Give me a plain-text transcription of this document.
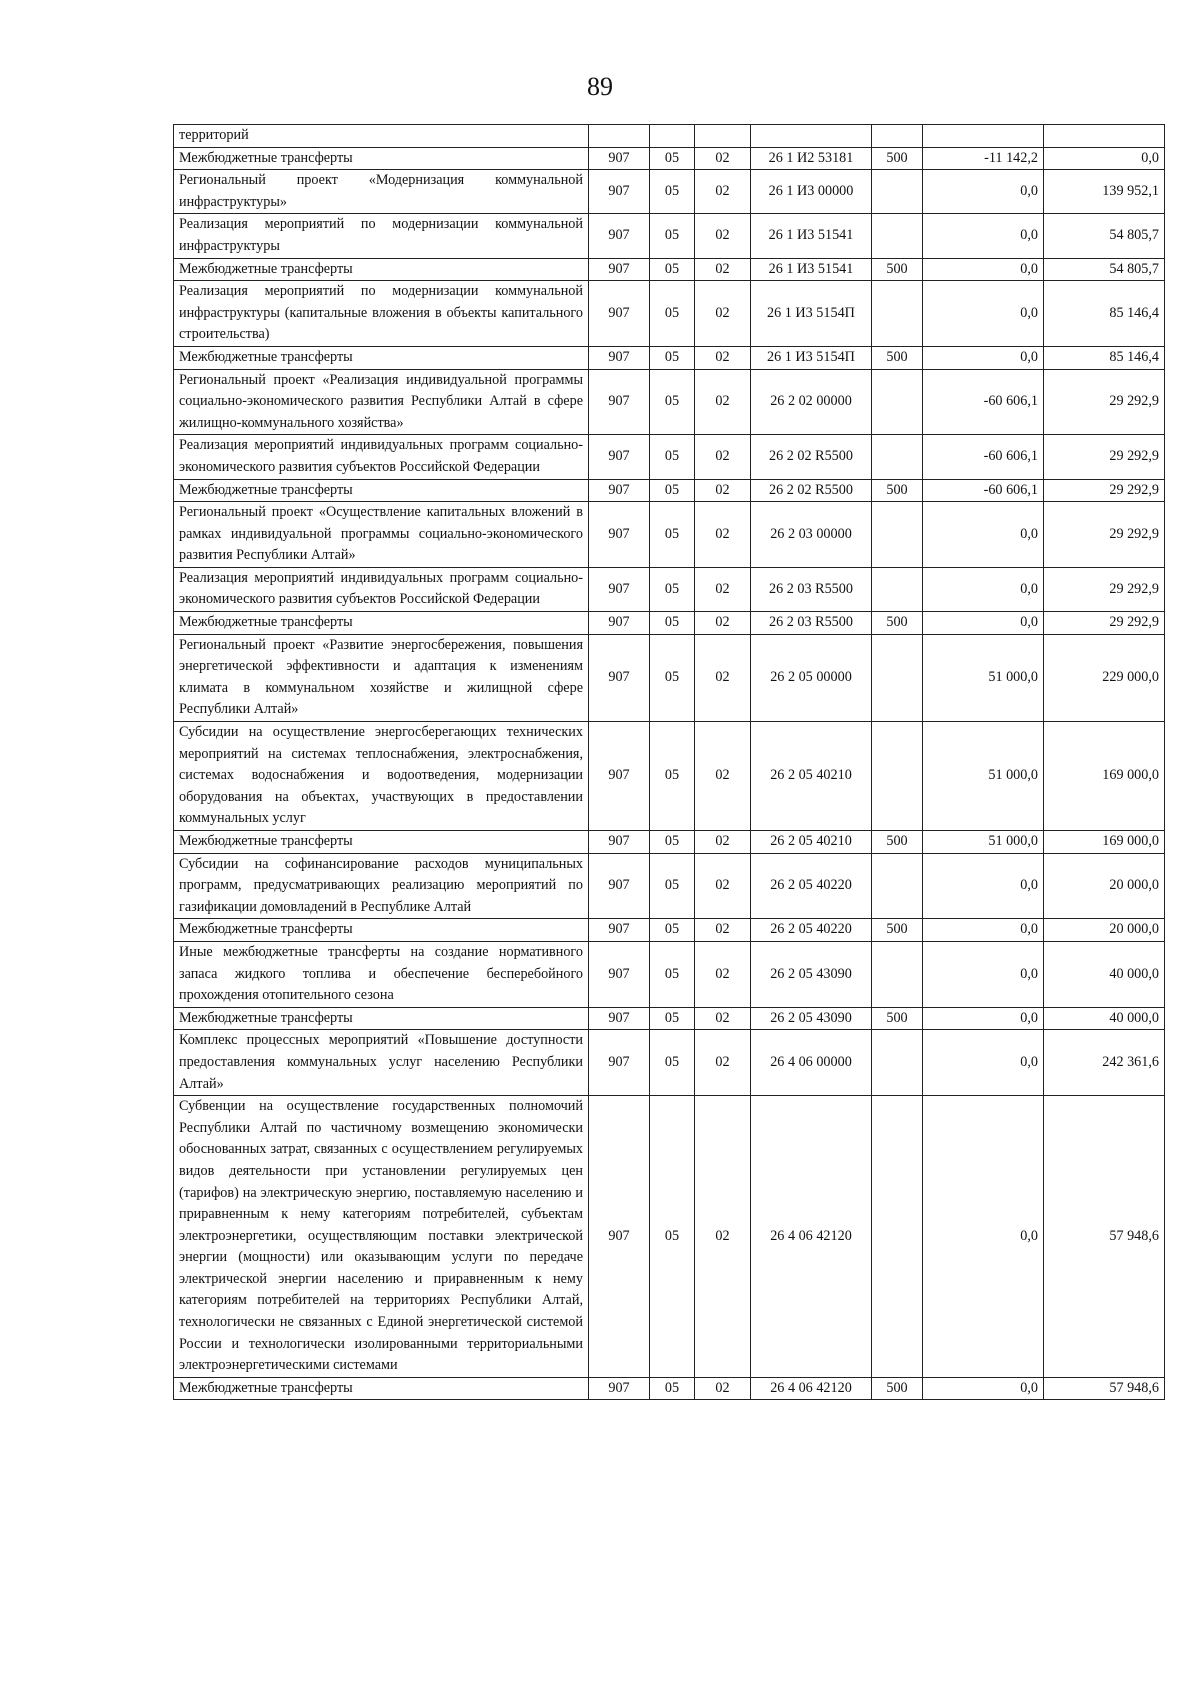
89
территорий							
Межбюджетные трансферты	907	05	02	26 1 И2 53181	500	-11 142,2	0,0
Региональный проект «Модернизация коммунальной инфраструктуры»	907	05	02	26 1 И3 00000		0,0	139 952,1
Реализация мероприятий по модернизации коммунальной инфраструктуры	907	05	02	26 1 И3 51541		0,0	54 805,7
Межбюджетные трансферты	907	05	02	26 1 И3 51541	500	0,0	54 805,7
Реализация мероприятий по модернизации коммунальной инфраструктуры (капитальные вложения в объекты капитального строительства)	907	05	02	26 1 И3 5154П		0,0	85 146,4
Межбюджетные трансферты	907	05	02	26 1 И3 5154П	500	0,0	85 146,4
Региональный проект «Реализация индивидуальной программы социально-экономического развития Республики Алтай в сфере жилищно-коммунального хозяйства»	907	05	02	26 2 02 00000		-60 606,1	29 292,9
Реализация мероприятий индивидуальных программ социально-экономического развития субъектов Российской Федерации	907	05	02	26 2 02 R5500		-60 606,1	29 292,9
Межбюджетные трансферты	907	05	02	26 2 02 R5500	500	-60 606,1	29 292,9
Региональный проект «Осуществление капитальных вложений в рамках индивидуальной программы социально-экономического развития Республики Алтай»	907	05	02	26 2 03 00000		0,0	29 292,9
Реализация мероприятий индивидуальных программ социально-экономического развития субъектов Российской Федерации	907	05	02	26 2 03 R5500		0,0	29 292,9
Межбюджетные трансферты	907	05	02	26 2 03 R5500	500	0,0	29 292,9
Региональный проект «Развитие энергосбережения, повышения энергетической эффективности и адаптация к изменениям климата в коммунальном хозяйстве и жилищной сфере Республики Алтай»	907	05	02	26 2 05 00000		51 000,0	229 000,0
Субсидии на осуществление энергосберегающих технических мероприятий на системах теплоснабжения, электроснабжения, системах водоснабжения и водоотведения, модернизации оборудования на объектах, участвующих в предоставлении коммунальных услуг	907	05	02	26 2 05 40210		51 000,0	169 000,0
Межбюджетные трансферты	907	05	02	26 2 05 40210	500	51 000,0	169 000,0
Субсидии на софинансирование расходов муниципальных программ, предусматривающих реализацию мероприятий по газификации домовладений в Республике Алтай	907	05	02	26 2 05 40220		0,0	20 000,0
Межбюджетные трансферты	907	05	02	26 2 05 40220	500	0,0	20 000,0
Иные межбюджетные трансферты на создание нормативного запаса жидкого топлива и обеспечение бесперебойного прохождения отопительного сезона	907	05	02	26 2 05 43090		0,0	40 000,0
Межбюджетные трансферты	907	05	02	26 2 05 43090	500	0,0	40 000,0
Комплекс процессных мероприятий «Повышение доступности предоставления коммунальных услуг населению Республики Алтай»	907	05	02	26 4 06 00000		0,0	242 361,6
Субвенции на осуществление государственных полномочий Республики Алтай по частичному возмещению экономически обоснованных затрат, связанных с осуществлением регулируемых видов деятельности при установлении регулируемых цен (тарифов) на электрическую энергию, поставляемую населению и приравненным к нему категориям потребителей, субъектам электроэнергетики, осуществляющим поставки электрической энергии (мощности) или оказывающим услуги по передаче электрической энергии населению и приравненным к нему категориям потребителей на территориях Республики Алтай, технологически не связанных с Единой энергетической системой России и технологически изолированными территориальными электроэнергетическими системами	907	05	02	26 4 06 42120		0,0	57 948,6
Межбюджетные трансферты	907	05	02	26 4 06 42120	500	0,0	57 948,6
